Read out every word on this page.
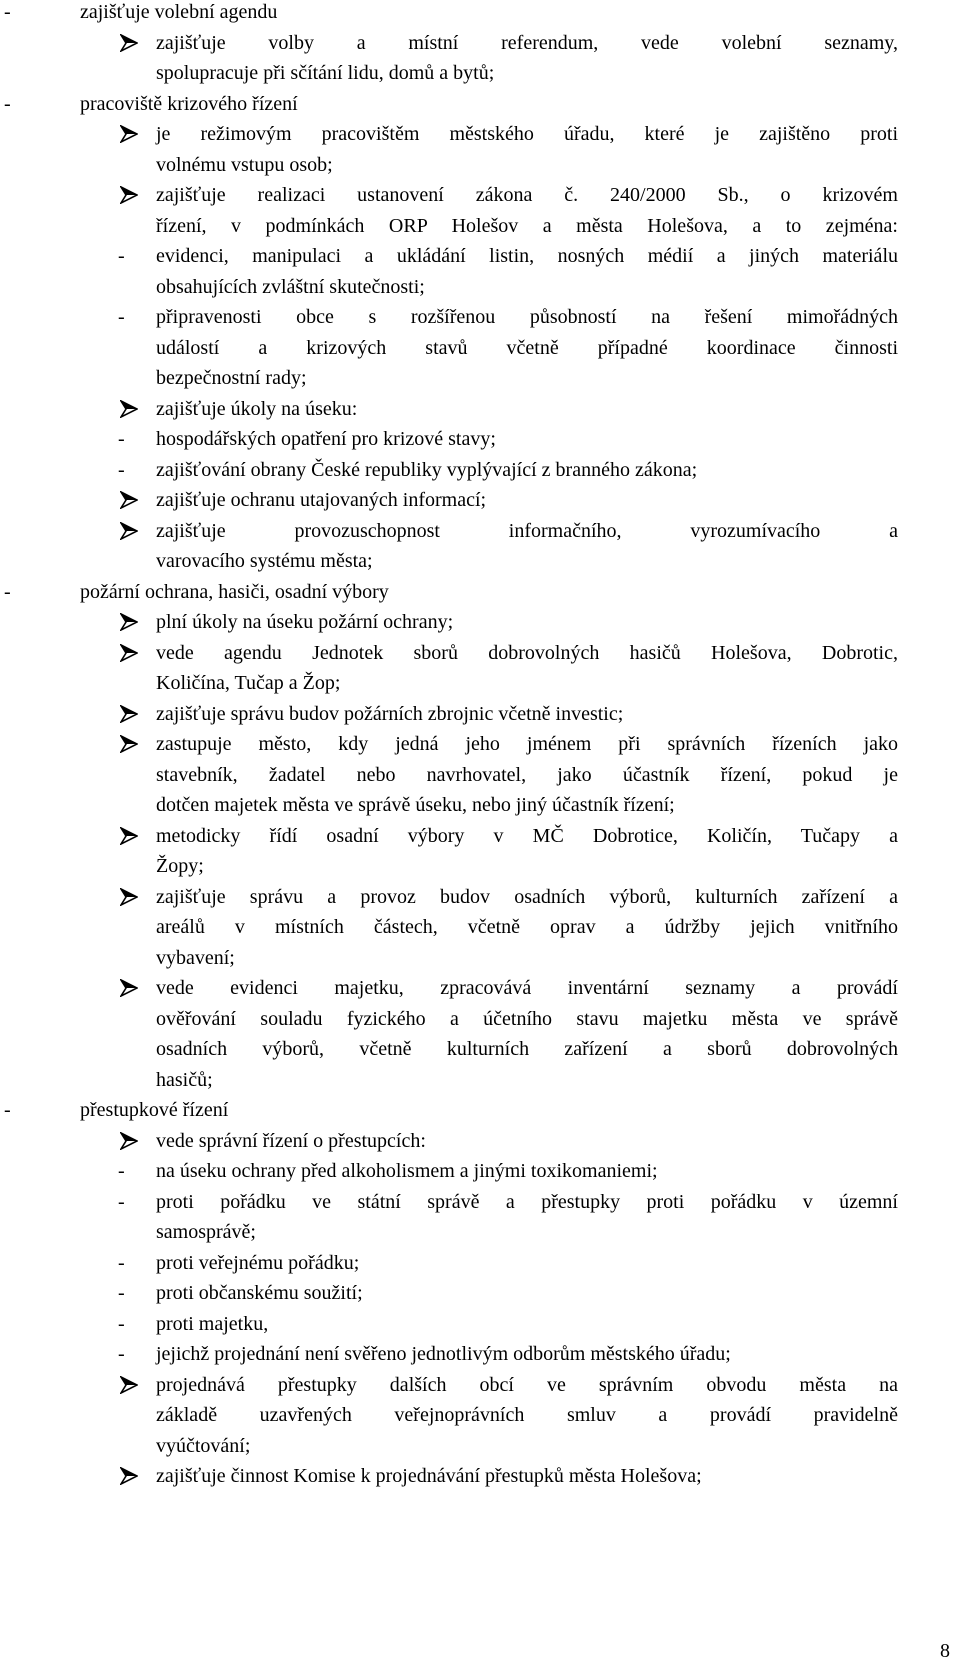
-	zajišťuje volební agendu
zajišťuje volby a místní referendum, vede volební seznamy,
spolupracuje při sčítání lidu, domů a bytů;
-	pracoviště krizového řízení
je režimovým pracovištěm městského úřadu, které je zajištěno proti
volnému vstupu osob;
zajišťuje realizaci ustanovení zákona č. 240/2000 Sb., o krizovém
řízení, v podmínkách ORP Holešov a města Holešova, a to zejména:
-	evidenci, manipulaci a ukládání listin, nosných médií a jiných materiálu
obsahujících zvláštní skutečnosti;
-	připravenosti obce s rozšířenou působností na řešení mimořádných
událostí a krizových stavů včetně případné koordinace činnosti
bezpečnostní rady;
zajišťuje úkoly na úseku:
-	hospodářských opatření pro krizové stavy;
-	zajišťování obrany České republiky vyplývající z branného zákona;
zajišťuje ochranu utajovaných informací;
zajišťuje provozuschopnost informačního, vyrozumívacího a
varovacího systému města;
-	požární ochrana, hasiči, osadní výbory
plní úkoly na úseku požární ochrany;
vede agendu Jednotek sborů dobrovolných hasičů Holešova, Dobrotic,
Količína, Tučap a Žop;
zajišťuje správu budov požárních zbrojnic včetně investic;
zastupuje město, kdy jedná jeho jménem při správních řízeních jako
stavebník, žadatel nebo navrhovatel, jako účastník řízení, pokud je
dotčen majetek města ve správě úseku, nebo jiný účastník řízení;
metodicky řídí osadní výbory v MČ Dobrotice, Količín, Tučapy a
Žopy;
zajišťuje správu a provoz budov osadních výborů, kulturních zařízení a
areálů v místních částech, včetně oprav a údržby jejich vnitřního
vybavení;
vede evidenci majetku, zpracovává inventární seznamy a provádí
ověřování souladu fyzického a účetního stavu majetku města ve správě
osadních výborů, včetně kulturních zařízení a sborů dobrovolných
hasičů;
-	přestupkové řízení
vede správní řízení o přestupcích:
-	na úseku ochrany před alkoholismem a jinými toxikomaniemi;
-	proti pořádku ve státní správě a přestupky proti pořádku v územní
samosprávě;
-	proti veřejnému pořádku;
-	proti občanskému soužití;
-	proti majetku,
-	jejichž projednání není svěřeno jednotlivým odborům městského úřadu;
projednává přestupky dalších obcí ve správním obvodu města na
základě uzavřených veřejnoprávních smluv a provádí pravidelně
vyúčtování;
zajišťuje činnost Komise k projednávání přestupků města Holešova;
8
